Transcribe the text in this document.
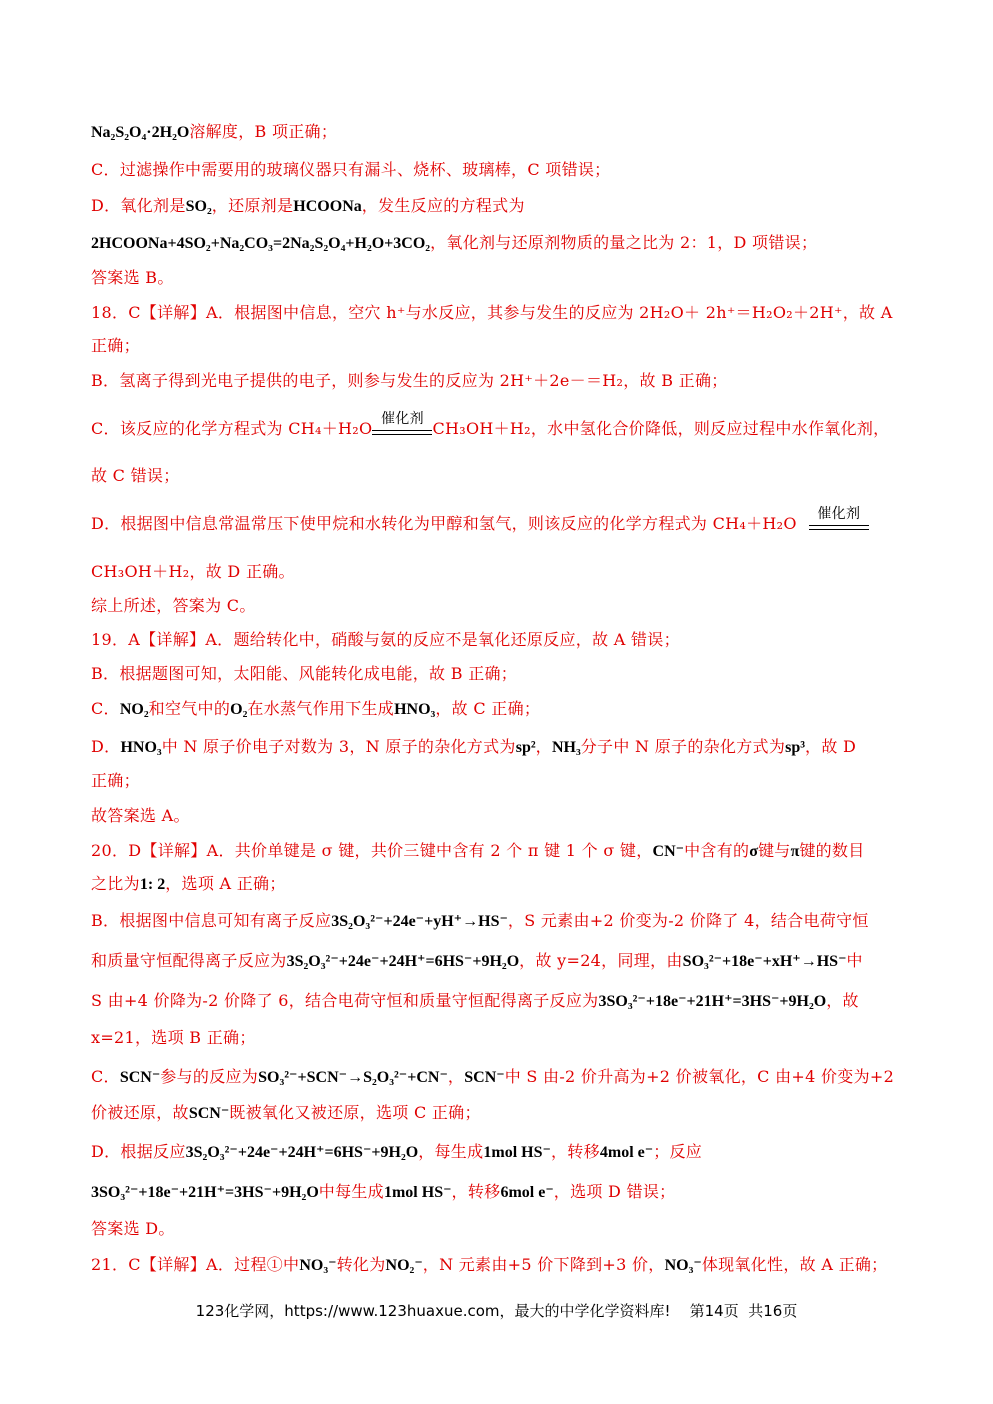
Na₂S₂O₄·2H₂O溶解度，B 项正确；
C．过滤操作中需要用的玻璃仪器只有漏斗、烧杯、玻璃棒，C 项错误；
D．氧化剂是SO₂，还原剂是HCOONa，发生反应的方程式为
2HCOONa+4SO₂+Na₂CO₃=2Na₂S₂O₄+H₂O+3CO₂，氧化剂与还原剂物质的量之比为 2：1，D 项错误；
答案选 B。
18．C【详解】A．根据图中信息，空穴 h⁺与水反应，其参与发生的反应为 2H₂O＋ 2h⁺＝H₂O₂＋2H⁺，故 A
正确；
B．氢离子得到光电子提供的电子，则参与发生的反应为 2H⁺＋2e－＝H₂，故 B 正确；
C．该反应的化学方程式为 CH₄＋H₂O 催化剂 CH₃OH＋H₂，水中氢化合价降低，则反应过程中水作氧化剂，
故 C 错误；
D．根据图中信息常温常压下使甲烷和水转化为甲醇和氢气，则该反应的化学方程式为 CH₄＋H₂O	催化剂
CH₃OH＋H₂，故 D 正确。
综上所述，答案为 C。
19．A【详解】A．题给转化中，硝酸与氨的反应不是氧化还原反应，故 A 错误；
B．根据题图可知，太阳能、风能转化成电能，故 B 正确；
C．NO₂和空气中的O₂在水蒸气作用下生成HNO₃，故 C 正确；
D．HNO₃中 N 原子价电子对数为 3，N 原子的杂化方式为sp²，NH₃分子中 N 原子的杂化方式为sp³，故 D
正确；
故答案选 A。
20．D【详解】A．共价单键是 σ 键，共价三键中含有 2 个 π 键 1 个 σ 键，CN⁻中含有的σ键与π键的数目
之比为1: 2，选项 A 正确；
B．根据图中信息可知有离子反应3S₂O₃²⁻+24e⁻+yH⁺→HS⁻，S 元素由+2 价变为-2 价降了 4，结合电荷守恒
和质量守恒配得离子反应为3S₂O₃²⁻+24e⁻+24H⁺=6HS⁻+9H₂O，故 y=24，同理，由SO₃²⁻+18e⁻+xH⁺→HS⁻中
S 由+4 价降为-2 价降了 6，结合电荷守恒和质量守恒配得离子反应为3SO₃²⁻+18e⁻+21H⁺=3HS⁻+9H₂O，故
x=21，选项 B 正确；
C．SCN⁻参与的反应为SO₃²⁻+SCN⁻→S₂O₃²⁻+CN⁻，SCN⁻中 S 由-2 价升高为+2 价被氧化，C 由+4 价变为+2
价被还原，故SCN⁻既被氧化又被还原，选项 C 正确；
D．根据反应3S₂O₃²⁻+24e⁻+24H⁺=6HS⁻+9H₂O，每生成1mol HS⁻，转移4mol e⁻；反应
3SO₃²⁻+18e⁻+21H⁺=3HS⁻+9H₂O中每生成1mol HS⁻，转移6mol e⁻，选项 D 错误；
答案选 D。
21．C【详解】A．过程①中NO₃⁻转化为NO₂⁻，N 元素由+5 价下降到+3 价，NO₃⁻体现氧化性，故 A 正确；
123化学网，https://www.123huaxue.com，最大的中学化学资料库!    第14页  共16页
